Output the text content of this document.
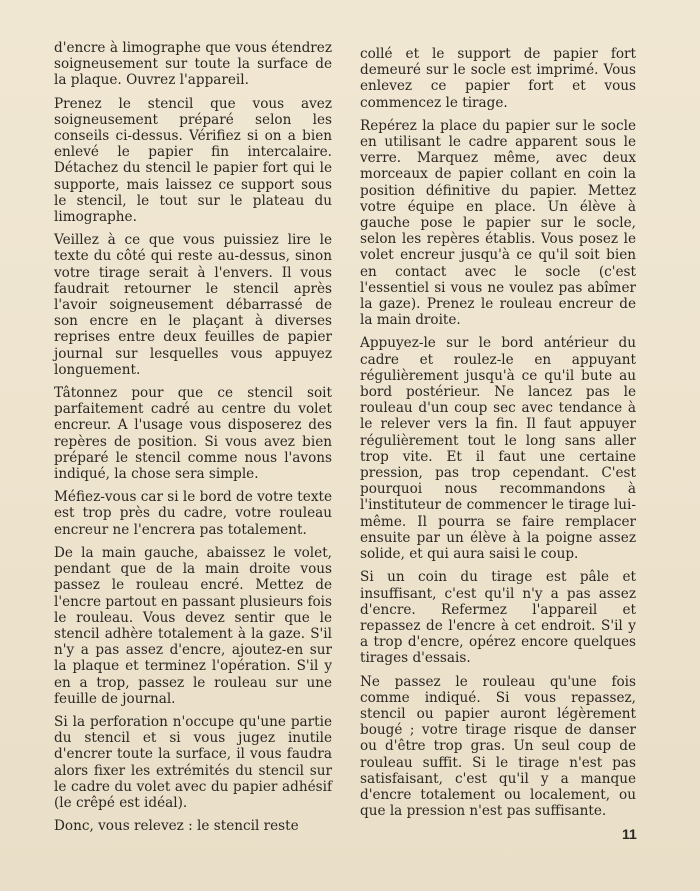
d'encre à limographe que vous étendrez soigneusement sur toute la surface de la plaque. Ouvrez l'appareil.

Prenez le stencil que vous avez soigneusement préparé selon les conseils ci-dessus. Vérifiez si on a bien enlevé le papier fin intercalaire. Détachez du stencil le papier fort qui le supporte, mais laissez ce support sous le stencil, le tout sur le plateau du limographe.

Veillez à ce que vous puissiez lire le texte du côté qui reste au-dessus, sinon votre tirage serait à l'envers. Il vous faudrait retourner le stencil après l'avoir soigneusement débarrassé de son encre en le plaçant à diverses reprises entre deux feuilles de papier journal sur lesquelles vous appuyez longuement.

Tâtonnez pour que ce stencil soit parfaitement cadré au centre du volet encreur. A l'usage vous disposerez des repères de position. Si vous avez bien préparé le stencil comme nous l'avons indiqué, la chose sera simple.

Méfiez-vous car si le bord de votre texte est trop près du cadre, votre rouleau encreur ne l'encrera pas totalement.

De la main gauche, abaissez le volet, pendant que de la main droite vous passez le rouleau encré. Mettez de l'encre partout en passant plusieurs fois le rouleau. Vous devez sentir que le stencil adhère totalement à la gaze. S'il n'y a pas assez d'encre, ajoutez-en sur la plaque et terminez l'opération. S'il y en a trop, passez le rouleau sur une feuille de journal.

Si la perforation n'occupe qu'une partie du stencil et si vous jugez inutile d'encrer toute la surface, il vous faudra alors fixer les extrémités du stencil sur le cadre du volet avec du papier adhésif (le crêpé est idéal).

Donc, vous relevez : le stencil reste

collé et le support de papier fort demeuré sur le socle est imprimé. Vous enlevez ce papier fort et vous commencez le tirage.

Repérez la place du papier sur le socle en utilisant le cadre apparent sous le verre. Marquez même, avec deux morceaux de papier collant en coin la position définitive du papier. Mettez votre équipe en place. Un élève à gauche pose le papier sur le socle, selon les repères établis. Vous posez le volet encreur jusqu'à ce qu'il soit bien en contact avec le socle (c'est l'essentiel si vous ne voulez pas abîmer la gaze). Prenez le rouleau encreur de la main droite.

Appuyez-le sur le bord antérieur du cadre et roulez-le en appuyant régulièrement jusqu'à ce qu'il bute au bord postérieur. Ne lancez pas le rouleau d'un coup sec avec tendance à le relever vers la fin. Il faut appuyer régulièrement tout le long sans aller trop vite. Et il faut une certaine pression, pas trop cependant. C'est pourquoi nous recommandons à l'instituteur de commencer le tirage lui-même. Il pourra se faire remplacer ensuite par un élève à la poigne assez solide, et qui aura saisi le coup.

Si un coin du tirage est pâle et insuffisant, c'est qu'il n'y a pas assez d'encre. Refermez l'appareil et repassez de l'encre à cet endroit. S'il y a trop d'encre, opérez encore quelques tirages d'essais.

Ne passez le rouleau qu'une fois comme indiqué. Si vous repassez, stencil ou papier auront légèrement bougé ; votre tirage risque de danser ou d'être trop gras. Un seul coup de rouleau suffit. Si le tirage n'est pas satisfaisant, c'est qu'il y a manque d'encre totalement ou localement, ou que la pression n'est pas suffisante.

11
